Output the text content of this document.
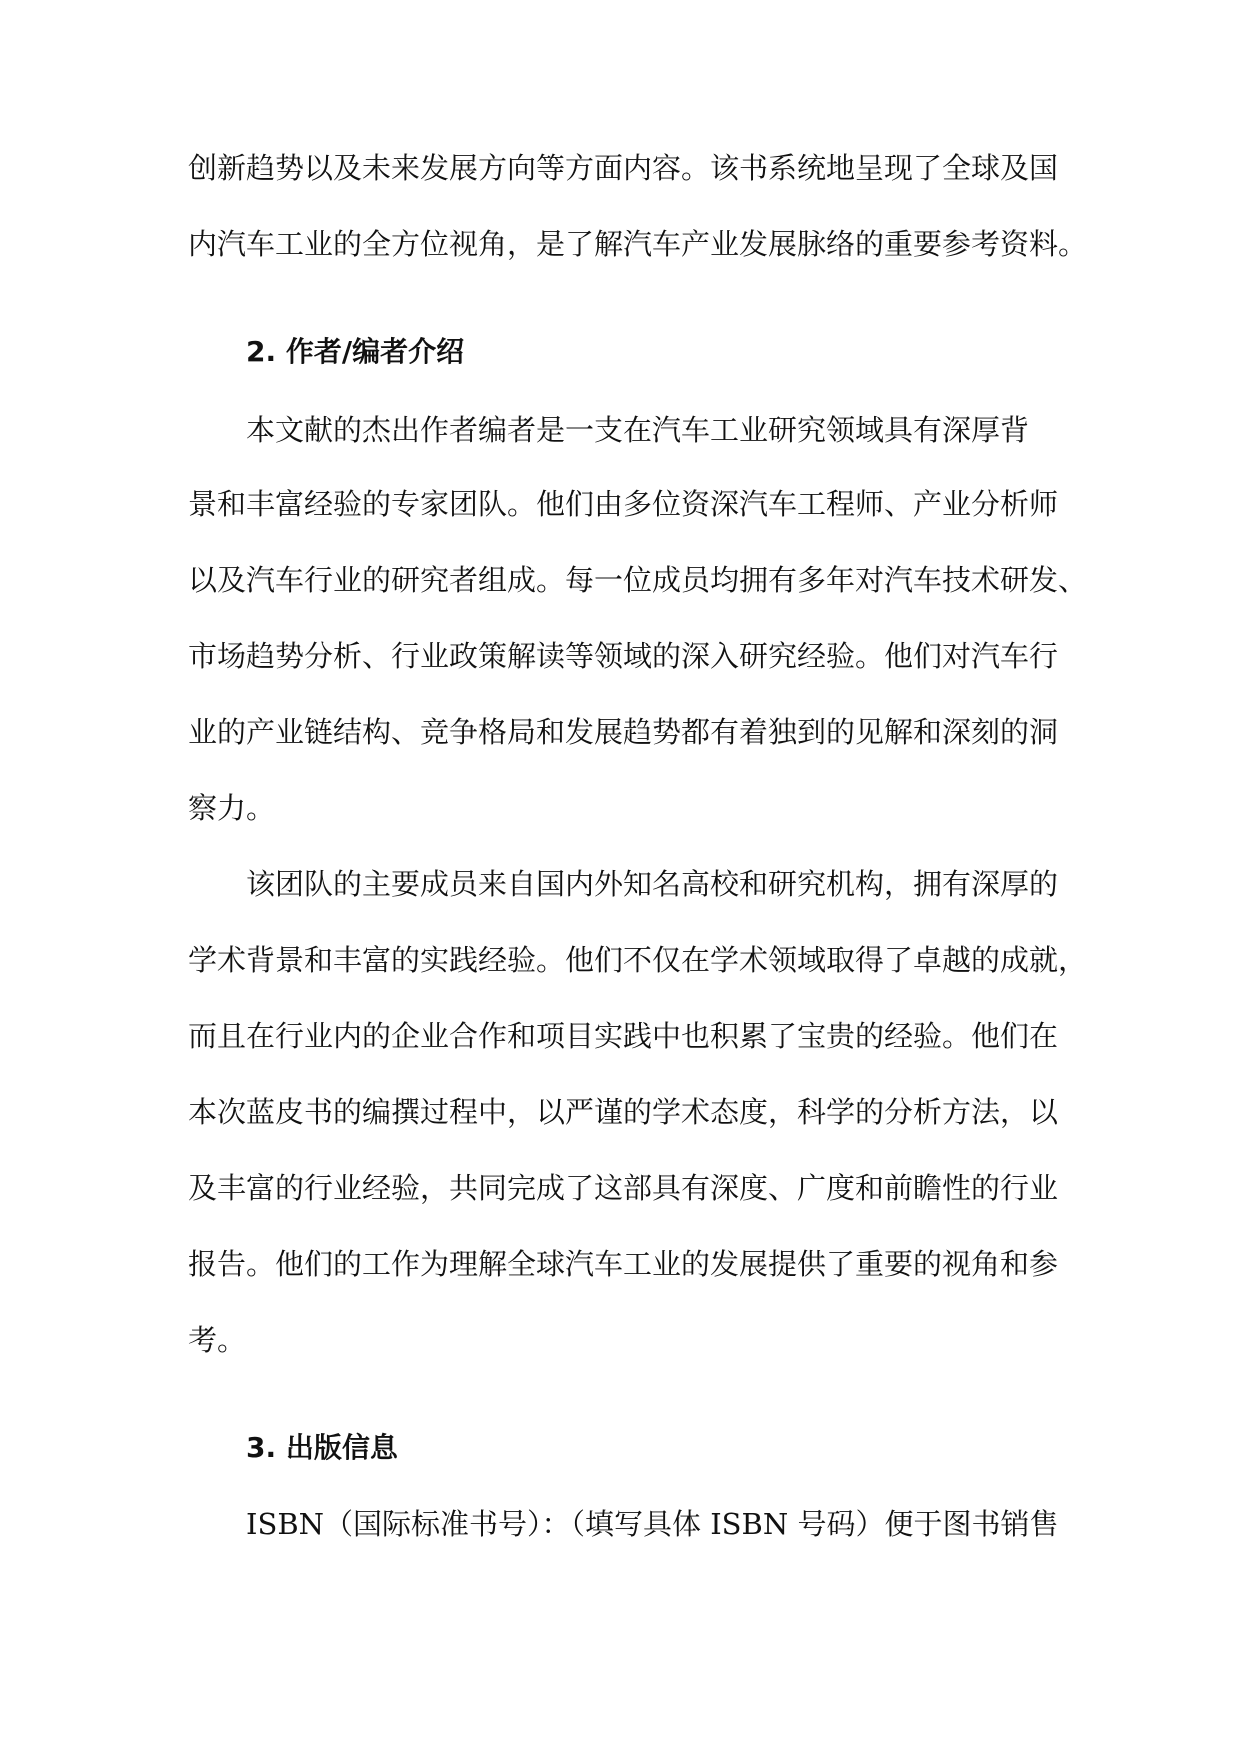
创新趋势以及未来发展方向等方面内容。该书系统地呈现了全球及国

内汽车工业的全方位视角，是了解汽车产业发展脉络的重要参考资料。

2. 作者/编者介绍

本文献的杰出作者编者是一支在汽车工业研究领域具有深厚背

景和丰富经验的专家团队。他们由多位资深汽车工程师、产业分析师

以及汽车行业的研究者组成。每一位成员均拥有多年对汽车技术研发、

市场趋势分析、行业政策解读等领域的深入研究经验。他们对汽车行

业的产业链结构、竞争格局和发展趋势都有着独到的见解和深刻的洞

察力。

该团队的主要成员来自国内外知名高校和研究机构，拥有深厚的

学术背景和丰富的实践经验。他们不仅在学术领域取得了卓越的成就，

而且在行业内的企业合作和项目实践中也积累了宝贵的经验。他们在

本次蓝皮书的编撰过程中，以严谨的学术态度，科学的分析方法，以

及丰富的行业经验，共同完成了这部具有深度、广度和前瞻性的行业

报告。他们的工作为理解全球汽车工业的发展提供了重要的视角和参

考。

3. 出版信息

ISBN（国际标准书号）：（填写具体 ISBN 号码）便于图书销售
